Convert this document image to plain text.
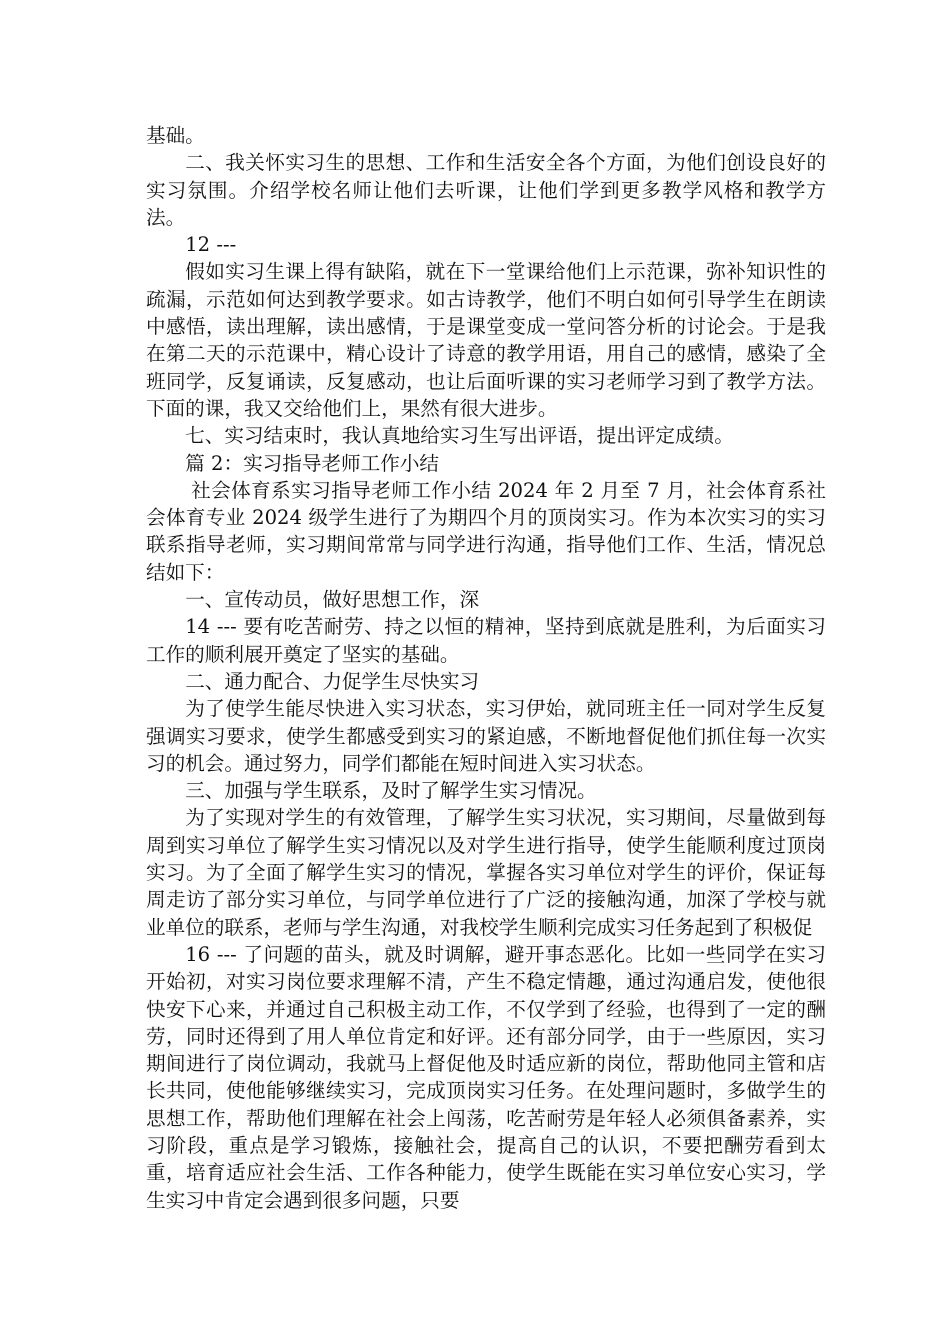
基础。

二、我关怀实习生的思想、工作和生活安全各个方面，为他们创设良好的实习氛围。介绍学校名师让他们去听课，让他们学到更多教学风格和教学方法。

12 ---

假如实习生课上得有缺陷，就在下一堂课给他们上示范课，弥补知识性的疏漏，示范如何达到教学要求。如古诗教学，他们不明白如何引导学生在朗读中感悟，读出理解，读出感情，于是课堂变成一堂问答分析的讨论会。于是我在第二天的示范课中，精心设计了诗意的教学用语，用自己的感情，感染了全班同学，反复诵读，反复感动，也让后面听课的实习老师学习到了教学方法。下面的课，我又交给他们上，果然有很大进步。

七、实习结束时，我认真地给实习生写出评语，提出评定成绩。

篇 2：实习指导老师工作小结

社会体育系实习指导老师工作小结 2024 年 2 月至 7 月，社会体育系社会体育专业 2024 级学生进行了为期四个月的顶岗实习。作为本次实习的实习联系指导老师，实习期间常常与同学进行沟通，指导他们工作、生活，情况总结如下：

一、宣传动员，做好思想工作，深

14 --- 要有吃苦耐劳、持之以恒的精神，坚持到底就是胜利，为后面实习工作的顺利展开奠定了坚实的基础。

二、通力配合、力促学生尽快实习

为了使学生能尽快进入实习状态，实习伊始，就同班主任一同对学生反复强调实习要求，使学生都感受到实习的紧迫感，不断地督促他们抓住每一次实习的机会。通过努力，同学们都能在短时间进入实习状态。

三、加强与学生联系，及时了解学生实习情况。

为了实现对学生的有效管理，了解学生实习状况，实习期间，尽量做到每周到实习单位了解学生实习情况以及对学生进行指导，使学生能顺利度过顶岗实习。为了全面了解学生实习的情况，掌握各实习单位对学生的评价，保证每周走访了部分实习单位，与同学单位进行了广泛的接触沟通，加深了学校与就业单位的联系，老师与学生沟通，对我校学生顺利完成实习任务起到了积极促

16 --- 了问题的苗头，就及时调解，避开事态恶化。比如一些同学在实习开始初，对实习岗位要求理解不清，产生不稳定情趣，通过沟通启发，使他很快安下心来，并通过自己积极主动工作，不仅学到了经验，也得到了一定的酬劳，同时还得到了用人单位肯定和好评。还有部分同学，由于一些原因，实习期间进行了岗位调动，我就马上督促他及时适应新的岗位，帮助他同主管和店长共同，使他能够继续实习，完成顶岗实习任务。在处理问题时，多做学生的思想工作，帮助他们理解在社会上闯荡，吃苦耐劳是年轻人必须俱备素养，实习阶段，重点是学习锻炼，接触社会，提高自己的认识，不要把酬劳看到太重，培育适应社会生活、工作各种能力，使学生既能在实习单位安心实习，学生实习中肯定会遇到很多问题，只要
